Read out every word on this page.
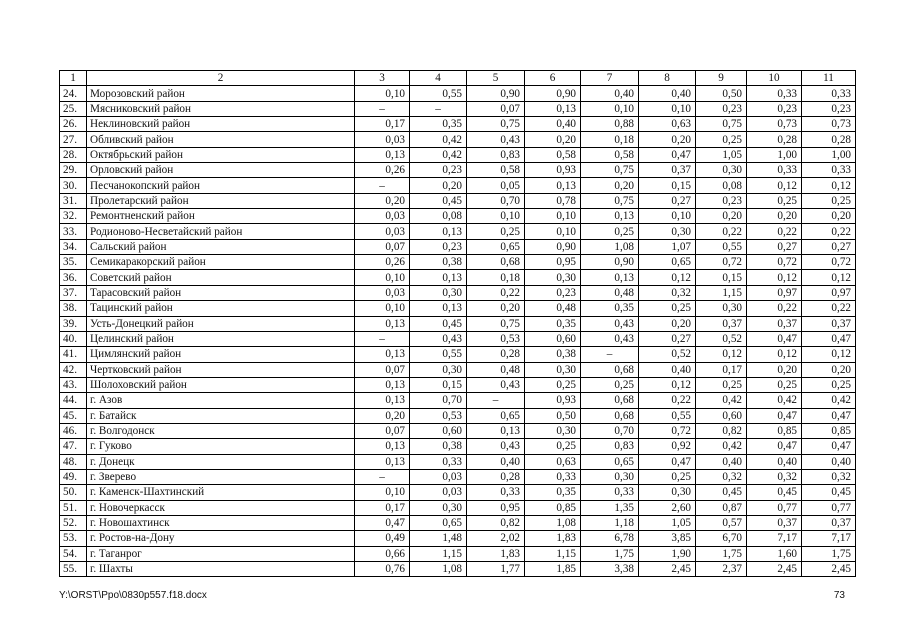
1	2	3	4	5	6	7	8	9	10	11
24.	Морозовский район	0,10	0,55	0,90	0,90	0,40	0,40	0,50	0,33	0,33
25.	Мясниковский район	–	–	0,07	0,13	0,10	0,10	0,23	0,23	0,23
26.	Неклиновский район	0,17	0,35	0,75	0,40	0,88	0,63	0,75	0,73	0,73
27.	Обливский район	0,03	0,42	0,43	0,20	0,18	0,20	0,25	0,28	0,28
28.	Октябрьский район	0,13	0,42	0,83	0,58	0,58	0,47	1,05	1,00	1,00
29.	Орловский район	0,26	0,23	0,58	0,93	0,75	0,37	0,30	0,33	0,33
30.	Песчанокопский район	–	0,20	0,05	0,13	0,20	0,15	0,08	0,12	0,12
31.	Пролетарский район	0,20	0,45	0,70	0,78	0,75	0,27	0,23	0,25	0,25
32.	Ремонтненский район	0,03	0,08	0,10	0,10	0,13	0,10	0,20	0,20	0,20
33.	Родионово-Несветайский район	0,03	0,13	0,25	0,10	0,25	0,30	0,22	0,22	0,22
34.	Сальский район	0,07	0,23	0,65	0,90	1,08	1,07	0,55	0,27	0,27
35.	Семикаракорский район	0,26	0,38	0,68	0,95	0,90	0,65	0,72	0,72	0,72
36.	Советский район	0,10	0,13	0,18	0,30	0,13	0,12	0,15	0,12	0,12
37.	Тарасовский район	0,03	0,30	0,22	0,23	0,48	0,32	1,15	0,97	0,97
38.	Тацинский район	0,10	0,13	0,20	0,48	0,35	0,25	0,30	0,22	0,22
39.	Усть-Донецкий район	0,13	0,45	0,75	0,35	0,43	0,20	0,37	0,37	0,37
40.	Целинский район	–	0,43	0,53	0,60	0,43	0,27	0,52	0,47	0,47
41.	Цимлянский район	0,13	0,55	0,28	0,38	–	0,52	0,12	0,12	0,12
42.	Чертковский район	0,07	0,30	0,48	0,30	0,68	0,40	0,17	0,20	0,20
43.	Шолоховский район	0,13	0,15	0,43	0,25	0,25	0,12	0,25	0,25	0,25
44.	г. Азов	0,13	0,70	–	0,93	0,68	0,22	0,42	0,42	0,42
45.	г. Батайск	0,20	0,53	0,65	0,50	0,68	0,55	0,60	0,47	0,47
46.	г. Волгодонск	0,07	0,60	0,13	0,30	0,70	0,72	0,82	0,85	0,85
47.	г. Гуково	0,13	0,38	0,43	0,25	0,83	0,92	0,42	0,47	0,47
48.	г. Донецк	0,13	0,33	0,40	0,63	0,65	0,47	0,40	0,40	0,40
49.	г. Зверево	–	0,03	0,28	0,33	0,30	0,25	0,32	0,32	0,32
50.	г. Каменск-Шахтинский	0,10	0,03	0,33	0,35	0,33	0,30	0,45	0,45	0,45
51.	г. Новочеркасск	0,17	0,30	0,95	0,85	1,35	2,60	0,87	0,77	0,77
52.	г. Новошахтинск	0,47	0,65	0,82	1,08	1,18	1,05	0,57	0,37	0,37
53.	г. Ростов-на-Дону	0,49	1,48	2,02	1,83	6,78	3,85	6,70	7,17	7,17
54.	г. Таганрог	0,66	1,15	1,83	1,15	1,75	1,90	1,75	1,60	1,75
55.	г. Шахты	0,76	1,08	1,77	1,85	3,38	2,45	2,37	2,45	2,45
Y:\ORST\Ppo\0830p557.f18.docx	73
